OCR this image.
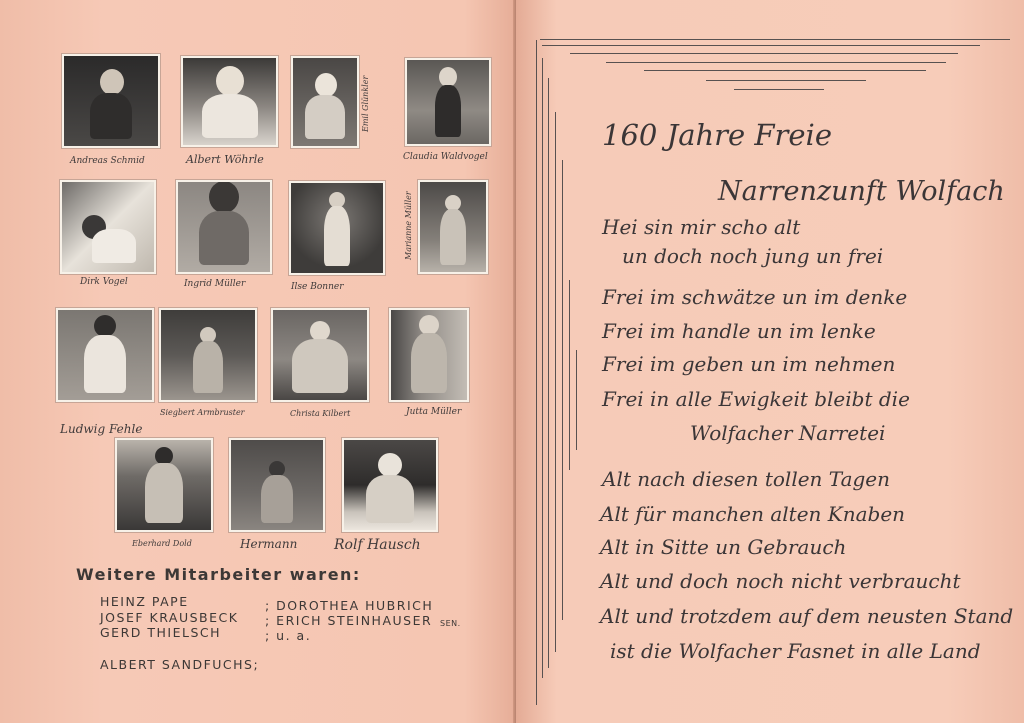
Andreas Schmid	Albert Wöhrle
Emil Glünkler
Claudia Waldvogel
Dirk Vogel	Ingrid Müller	Ilse Bonner
Marianne Müller
Ludwig Fehle
Siegbert Armbruster	Christa Kilbert	Jutta Müller
Eberhard Dold	Hermann	Rolf Hausch
Weitere Mitarbeiter waren:
HEINZ PAPE	; DOROTHEA HUBRICH
JOSEF KRAUSBECK ; ERICH STEINHAUSER SEN.
GERD THIELSCH	; u. a.
ALBERT SANDFUCHS;
160 Jahre Freie
Narrenzunft Wolfach
Hei sin mir scho alt
un doch noch jung un frei
Frei im schwätze un im denke
Frei im handle un im lenke
Frei im geben un im nehmen
Frei in alle Ewigkeit bleibt die
Wolfacher Narretei
Alt nach diesen tollen Tagen
Alt für manchen alten Knaben
Alt in Sitte un Gebrauch
Alt und doch noch nicht verbraucht
Alt und trotzdem auf dem neusten Stand
ist die Wolfacher Fasnet in alle Land
